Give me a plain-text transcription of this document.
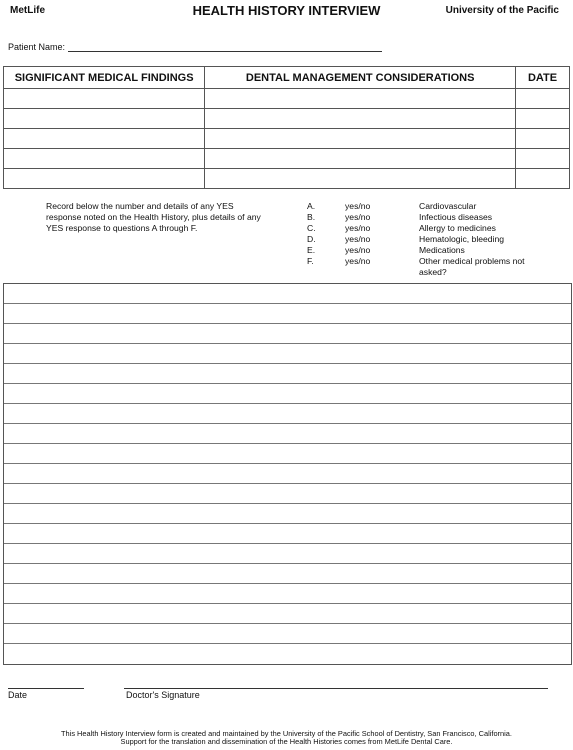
MetLife	HEALTH HISTORY INTERVIEW	University of the Pacific
Patient Name:
SIGNIFICANT MEDICAL FINDINGS	DENTAL MANAGEMENT CONSIDERATIONS	DATE

Record below the number and details of any YES response noted on the Health History, plus details of any YES response to questions A through F.
A.	yes/no	Cardiovascular
B.	yes/no	Infectious diseases
C.	yes/no	Allergy to medicines
D.	yes/no	Hematologic, bleeding
E.	yes/no	Medications
F.	yes/no	Other medical problems not asked?
Date	Doctor's Signature
This Health History Interview form is created and maintained by the University of the Pacific School of Dentistry, San Francisco, California.
Support for the translation and dissemination of the Health Histories comes from MetLife Dental Care.
